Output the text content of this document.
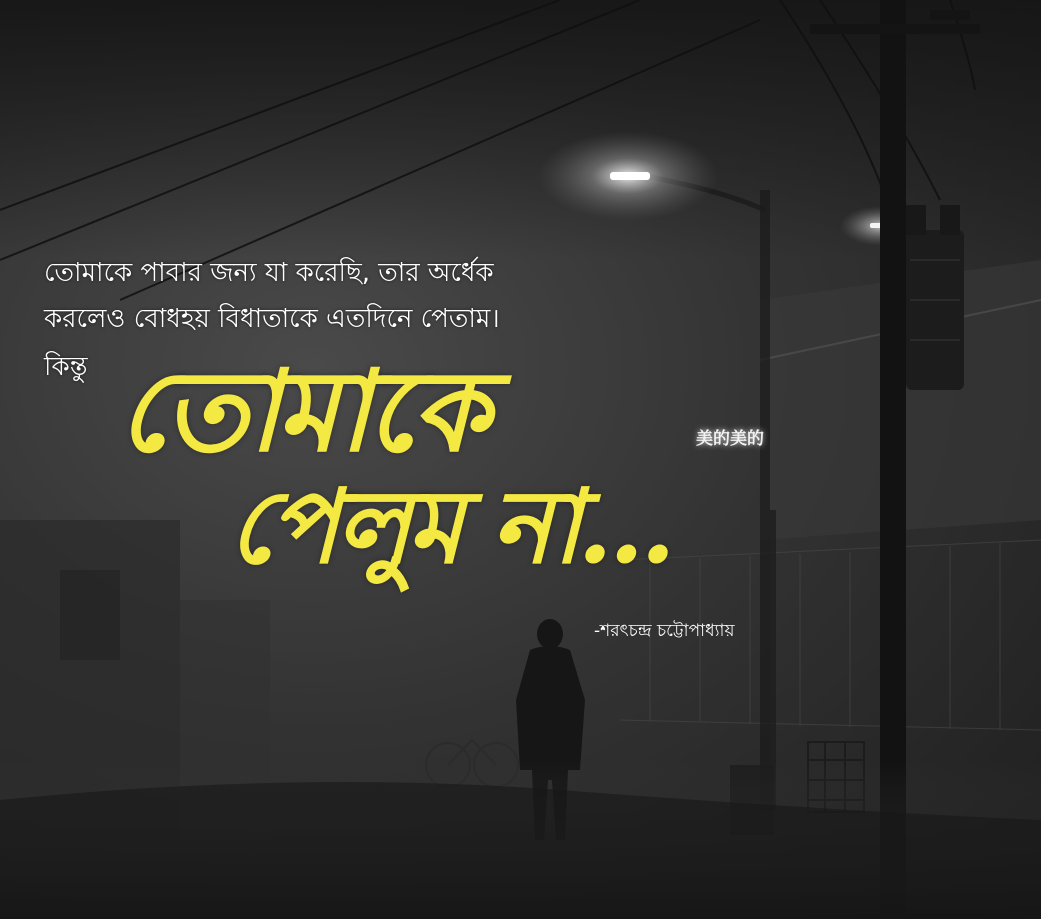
美的美的
তোমাকে পাবার জন্য যা করেছি, তার অর্ধেক
করলেও বোধহয় বিধাতাকে এতদিনে পেতাম।
কিন্তু তোমাকে
পেলুম না...
-শরৎচন্দ্র চট্টোপাধ্যায়
